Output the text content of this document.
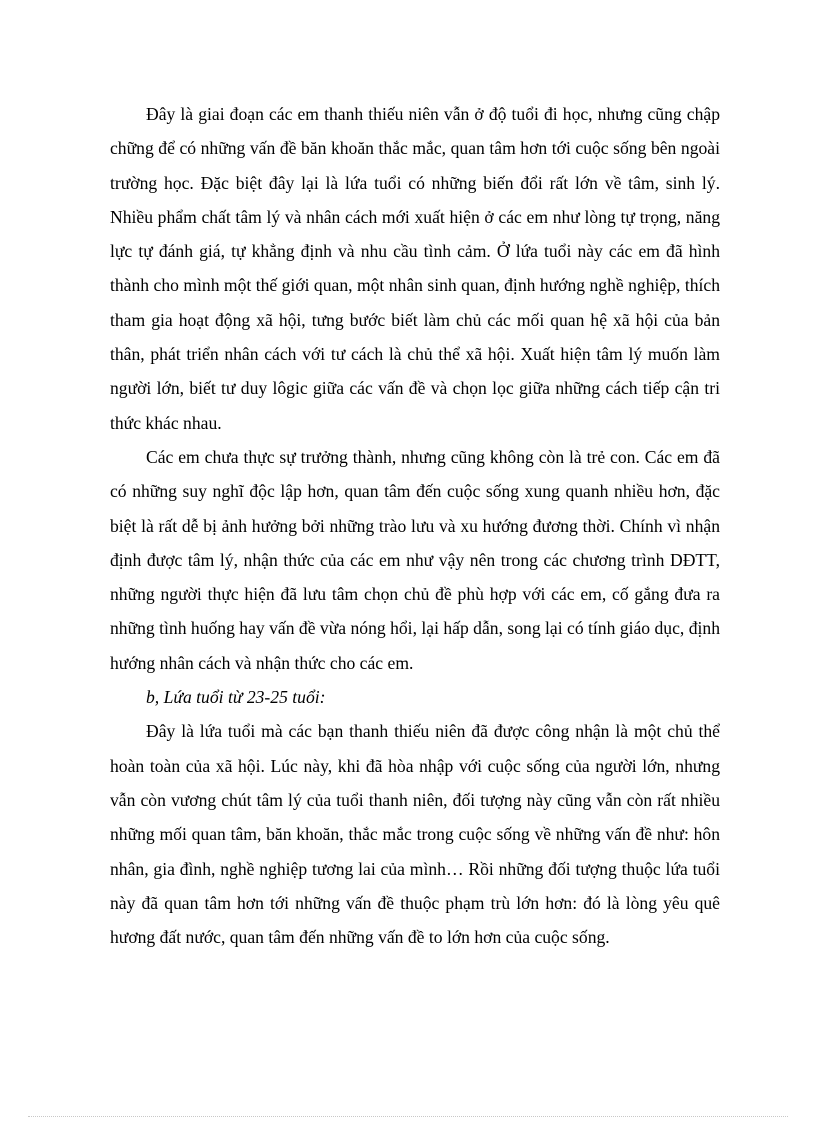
Đây là giai đoạn các em thanh thiếu niên vẫn ở độ tuổi đi học, nhưng cũng chập chững để có những vấn đề băn khoăn thắc mắc, quan tâm hơn tới cuộc sống bên ngoài trường học. Đặc biệt đây lại là lứa tuổi có những biến đổi rất lớn về tâm, sinh lý. Nhiều phẩm chất tâm lý và nhân cách mới xuất hiện ở các em như lòng tự trọng, năng lực tự đánh giá, tự khẳng định và nhu cầu tình cảm. Ở lứa tuổi này các em đã hình thành cho mình một thế giới quan, một nhân sinh quan, định hướng nghề nghiệp, thích tham gia hoạt động xã hội, tưng bước biết làm chủ các mối quan hệ xã hội của bản thân, phát triển nhân cách với tư cách là chủ thể xã hội. Xuất hiện tâm lý muốn làm người lớn, biết tư duy lôgic giữa các vấn đề và chọn lọc giữa những cách tiếp cận tri thức khác nhau.

Các em chưa thực sự trưởng thành, nhưng cũng không còn là trẻ con. Các em đã có những suy nghĩ độc lập hơn, quan tâm đến cuộc sống xung quanh nhiều hơn, đặc biệt là rất dễ bị ảnh hưởng bởi những trào lưu và xu hướng đương thời. Chính vì nhận định được tâm lý, nhận thức của các em như vậy nên trong các chương trình DĐTT, những người thực hiện đã lưu tâm chọn chủ đề phù hợp với các em, cố gắng đưa ra những tình huống hay vấn đề vừa nóng hổi, lại hấp dẫn, song lại có tính giáo dục, định hướng nhân cách và nhận thức cho các em.

b, Lứa tuổi từ 23-25 tuổi:

Đây là lứa tuổi mà các bạn thanh thiếu niên đã được công nhận là một chủ thể hoàn toàn của xã hội. Lúc này, khi đã hòa nhập với cuộc sống của người lớn, nhưng vẫn còn vương chút tâm lý của tuổi thanh niên, đối tượng này cũng vẫn còn rất nhiều những mối quan tâm, băn khoăn, thắc mắc trong cuộc sống về những vấn đề như: hôn nhân, gia đình, nghề nghiệp tương lai của mình… Rồi những đối tượng thuộc lứa tuổi này đã quan tâm hơn tới những vấn đề thuộc phạm trù lớn hơn: đó là lòng yêu quê hương đất nước, quan tâm đến những vấn đề to lớn hơn của cuộc sống.
